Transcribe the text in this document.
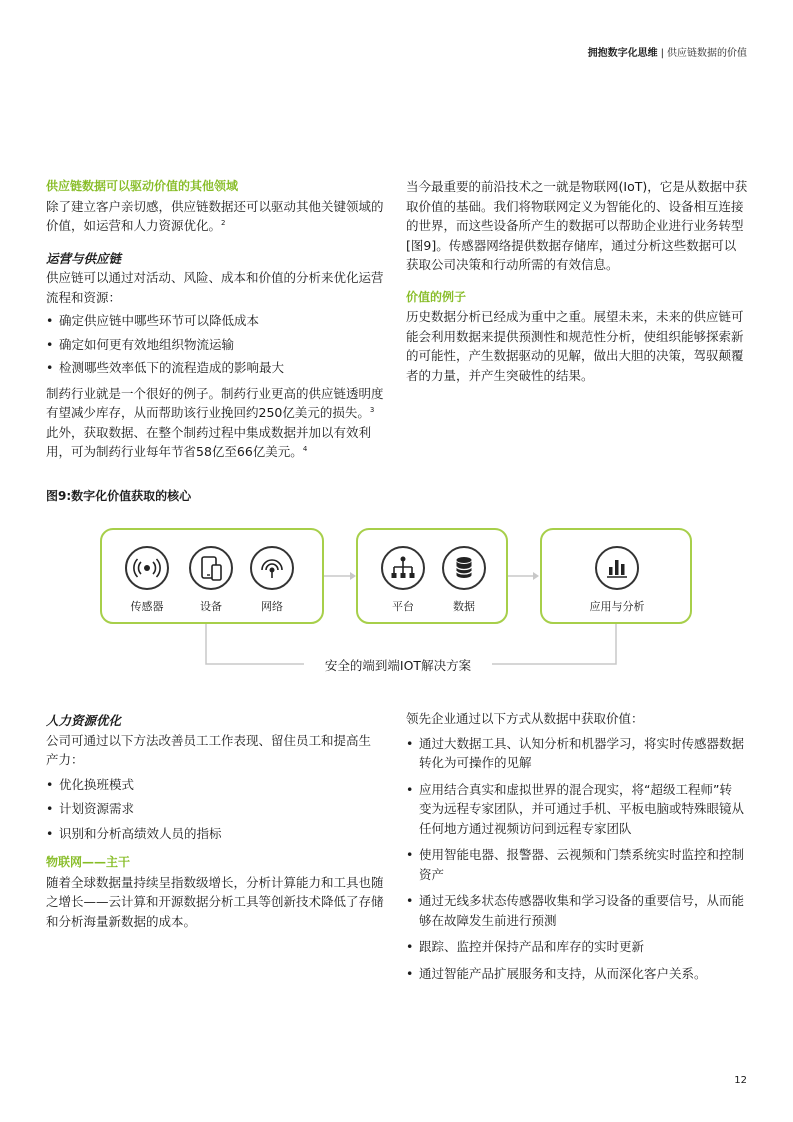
拥抱数字化思维 | 供应链数据的价值

供应链数据可以驱动价值的其他领域

除了建立客户亲切感，供应链数据还可以驱动其他关键领域的
价值，如运营和人力资源优化。$^2$

运营与供应链

供应链可以通过对活动、风险、成本和价值的分析来优化运营
流程和资源：

• 确定供应链中哪些环节可以降低成本
• 确定如何更有效地组织物流运输
• 检测哪些效率低下的流程造成的影响最大

制药行业就是一个很好的例子。制药行业更高的供应链透明度
有望减少库存，从而帮助该行业挽回约250亿美元的损失。$^3$
此外，获取数据、在整个制药过程中集成数据并加以有效利
用，可为制药行业每年节省58亿至66亿美元。$^4$

当今最重要的前沿技术之一就是物联网(IoT)，它是从数据中获
取价值的基础。我们将物联网定义为智能化的、设备相互连接
的世界，而这些设备所产生的数据可以帮助企业进行业务转型
[图9]。传感器网络提供数据存储库，通过分析这些数据可以
获取公司决策和行动所需的有效信息。

价值的例子

历史数据分析已经成为重中之重。展望未来，未来的供应链可
能会利用数据来提供预测性和规范性分析，使组织能够探索新
的可能性，产生数据驱动的见解，做出大胆的决策，驾驭颠覆
者的力量，并产生突破性的结果。

图9:数字化价值获取的核心
传感器	设备	网络	平台	数据	应用与分析
安全的端到端IOT解决方案

人力资源优化

公司可通过以下方法改善员工工作表现、留住员工和提高生
产力：

• 优化换班模式
• 计划资源需求
• 识别和分析高绩效人员的指标

物联网——主干

随着全球数据量持续呈指数级增长，分析计算能力和工具也随
之增长——云计算和开源数据分析工具等创新技术降低了存储
和分析海量新数据的成本。

领先企业通过以下方式从数据中获取价值：

• 通过大数据工具、认知分析和机器学习，将实时传感器数据
转化为可操作的见解
• 应用结合真实和虚拟世界的混合现实，将“超级工程师”转
变为远程专家团队，并可通过手机、平板电脑或特殊眼镜从
任何地方通过视频访问到远程专家团队
• 使用智能电器、报警器、云视频和门禁系统实时监控和控制
资产
• 通过无线多状态传感器收集和学习设备的重要信号，从而能
够在故障发生前进行预测
• 跟踪、监控并保持产品和库存的实时更新
• 通过智能产品扩展服务和支持，从而深化客户关系。
12
